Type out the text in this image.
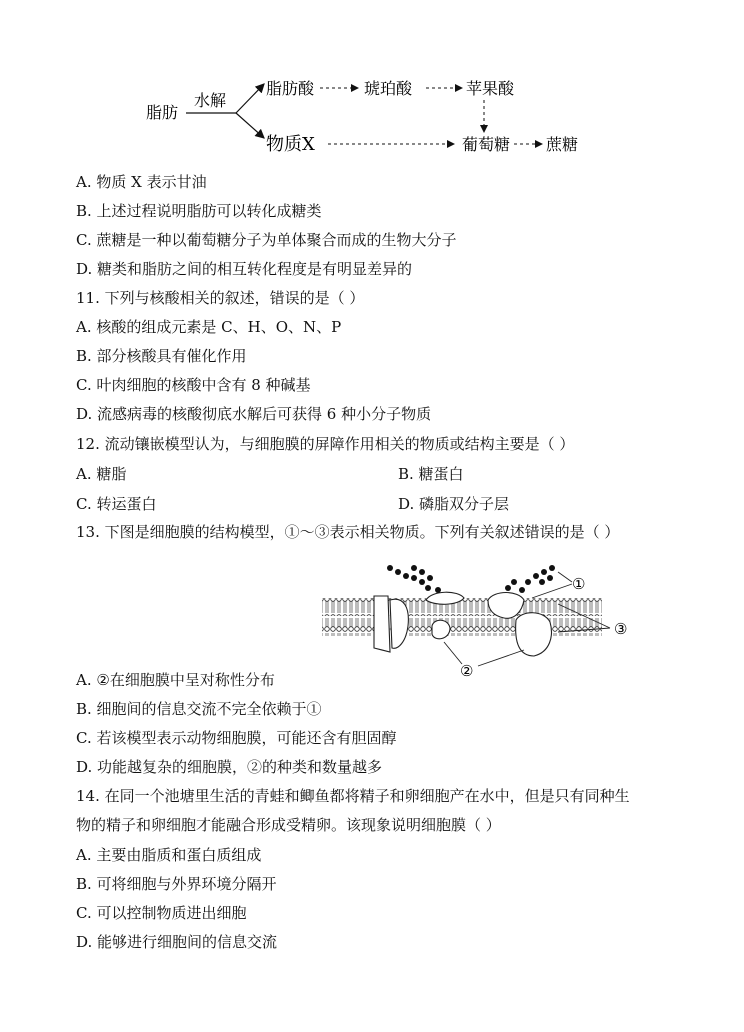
脂肪
水解
脂肪酸	琥珀酸	苹果酸
物质X	葡萄糖 蔗糖
A. 物质 X 表示甘油
B. 上述过程说明脂肪可以转化成糖类
C. 蔗糖是一种以葡萄糖分子为单体聚合而成的生物大分子
D. 糖类和脂肪之间的相互转化程度是有明显差异的
11. 下列与核酸相关的叙述，错误的是（ ）
A. 核酸的组成元素是 C、H、O、N、P
B. 部分核酸具有催化作用
C. 叶肉细胞的核酸中含有 8 种碱基
D. 流感病毒的核酸彻底水解后可获得 6 种小分子物质
12. 流动镶嵌模型认为，与细胞膜的屏障作用相关的物质或结构主要是（ ）
A. 糖脂	B. 糖蛋白
C. 转运蛋白	D. 磷脂双分子层
13. 下图是细胞膜的结构模型，①～③表示相关物质。下列有关叙述错误的是（ ）
①
③
②
A. ②在细胞膜中呈对称性分布
B. 细胞间的信息交流不完全依赖于①
C. 若该模型表示动物细胞膜，可能还含有胆固醇
D. 功能越复杂的细胞膜，②的种类和数量越多
14. 在同一个池塘里生活的青蛙和鲫鱼都将精子和卵细胞产在水中，但是只有同种生
物的精子和卵细胞才能融合形成受精卵。该现象说明细胞膜（ ）
A. 主要由脂质和蛋白质组成
B. 可将细胞与外界环境分隔开
C. 可以控制物质进出细胞
D. 能够进行细胞间的信息交流
